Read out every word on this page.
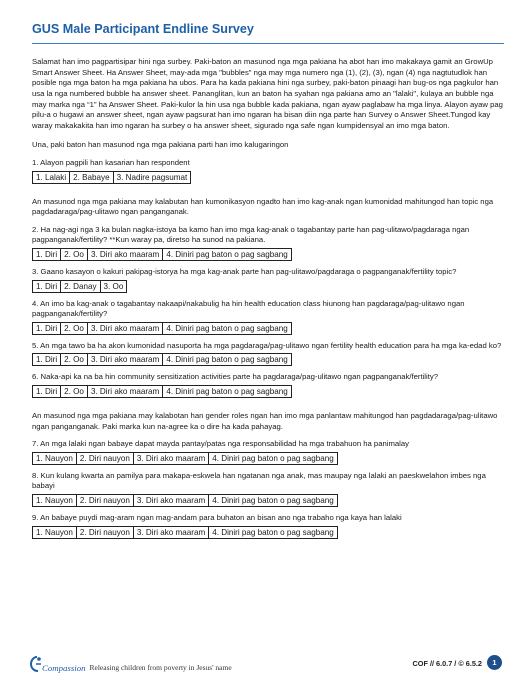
GUS Male Participant Endline Survey
Salamat han imo pagpartisipar hini nga surbey. Paki-baton an masunod nga mga pakiana ha abot han imo makakaya gamit an GrowUp Smart Answer Sheet. Ha Answer Sheet, may-ada mga "bubbles" nga may mga numero nga (1), (2), (3), ngan (4) nga nagtutudlok han posible nga mga baton ha mga pakiana ha ubos. Para ha kada pakiana hini nga surbey, paki-baton pinaagi han bug-os nga pagkulor han usa la nga numbered bubble ha answer sheet. Pananglitan, kun an baton ha syahan nga pakiana amo an "lalaki", kulaya an bubble nga may marka nga “1” ha Answer Sheet. Paki-kulor la hin usa nga bubble kada pakiana, ngan ayaw paglabaw ha mga linya. Alayon ayaw pag pilu-a o hugawi an answer sheet, ngan ayaw pagsurat han imo ngaran ha bisan diin nga parte han Survey o Answer Sheet.Tungod kay waray makakakita han imo ngaran ha surbey o ha answer sheet, sigurado nga safe ngan kumpidensyal an imo mga baton.
Una, paki baton han masunod nga mga pakiana parti han imo kalugaringon
1. Alayon pagpili han kasarian han respondent
1. Lalaki 2. Babaye 3. Nadire pagsumat
An masunod nga mga pakiana may kalabutan han kumonikasyon ngadto han imo kag-anak ngan kumonidad mahitungod han topic nga pagdadaraga/pag-ulitawo ngan panganganak.
2. Ha nag-agi nga 3 ka bulan nagka-istoya ba kamo han imo mga kag-anak o tagabantay parte han pag-ulitawo/pagdaraga ngan pagpanganak/fertility? **Kun waray pa, diretso ha sunod na pakiana.
1. Diri 2. Oo 3. Diri ako maaram 4. Diniri pag baton o pag sagbang
3. Gaano kasayon o kakuri pakipag-istorya ha mga kag-anak parte han pag-ulitawo/pagdaraga o pagpanganak/fertility topic?
1. Diri 2. Danay 3. Oo
4. An imo ba kag-anak o tagabantay nakaapi/nakabulig ha hin health education class hiunong han pagdaraga/pag-ulitawo ngan pagpanganak/fertility?
1. Diri 2. Oo 3. Diri ako maaram 4. Diniri pag baton o pag sagbang
5. An mga tawo ba ha akon kumonidad nasuporta ha mga pagdaraga/pag-ulitawo ngan fertility health education para ha mga ka-edad ko?
1. Diri 2. Oo 3. Diri ako maaram 4. Diniri pag baton o pag sagbang
6. Naka-api ka na ba hin community sensitization activities parte ha pagdaraga/pag-ulitawo ngan pagpanganak/fertility?
1. Diri 2. Oo 3. Diri ako maaram 4. Diniri pag baton o pag sagbang
An masunod nga mga pakiana may kalabotan han gender roles ngan han imo mga panlantaw mahitungod han pagdadaraga/pag-ulitawo ngan panganganak. Paki marka kun na-agree ka o dire ha kada pahayag.
7. An mga lalaki ngan babaye dapat mayda pantay/patas nga responsabilidad ha mga trabahuon ha panimalay
1. Nauyon 2. Diri nauyon 3. Diri ako maaram 4. Diniri pag baton o pag sagbang
8. Kun kulang kwarta an pamilya para makapa-eskwela han ngatanan nga anak, mas maupay nga lalaki an paeskwelahon imbes nga babayi
1. Nauyon 2. Diri nauyon 3. Diri ako maaram 4. Diniri pag baton o pag sagbang
9. An babaye puydi mag-aram ngan mag-andam para buhaton an bisan ano nga trabaho nga kaya han lalaki
1. Nauyon 2. Diri nauyon 3. Diri ako maaram 4. Diniri pag baton o pag sagbang
Compassion Releasing children from poverty in Jesus' name	COF // 6.0.7 / © 6.5.2	1
